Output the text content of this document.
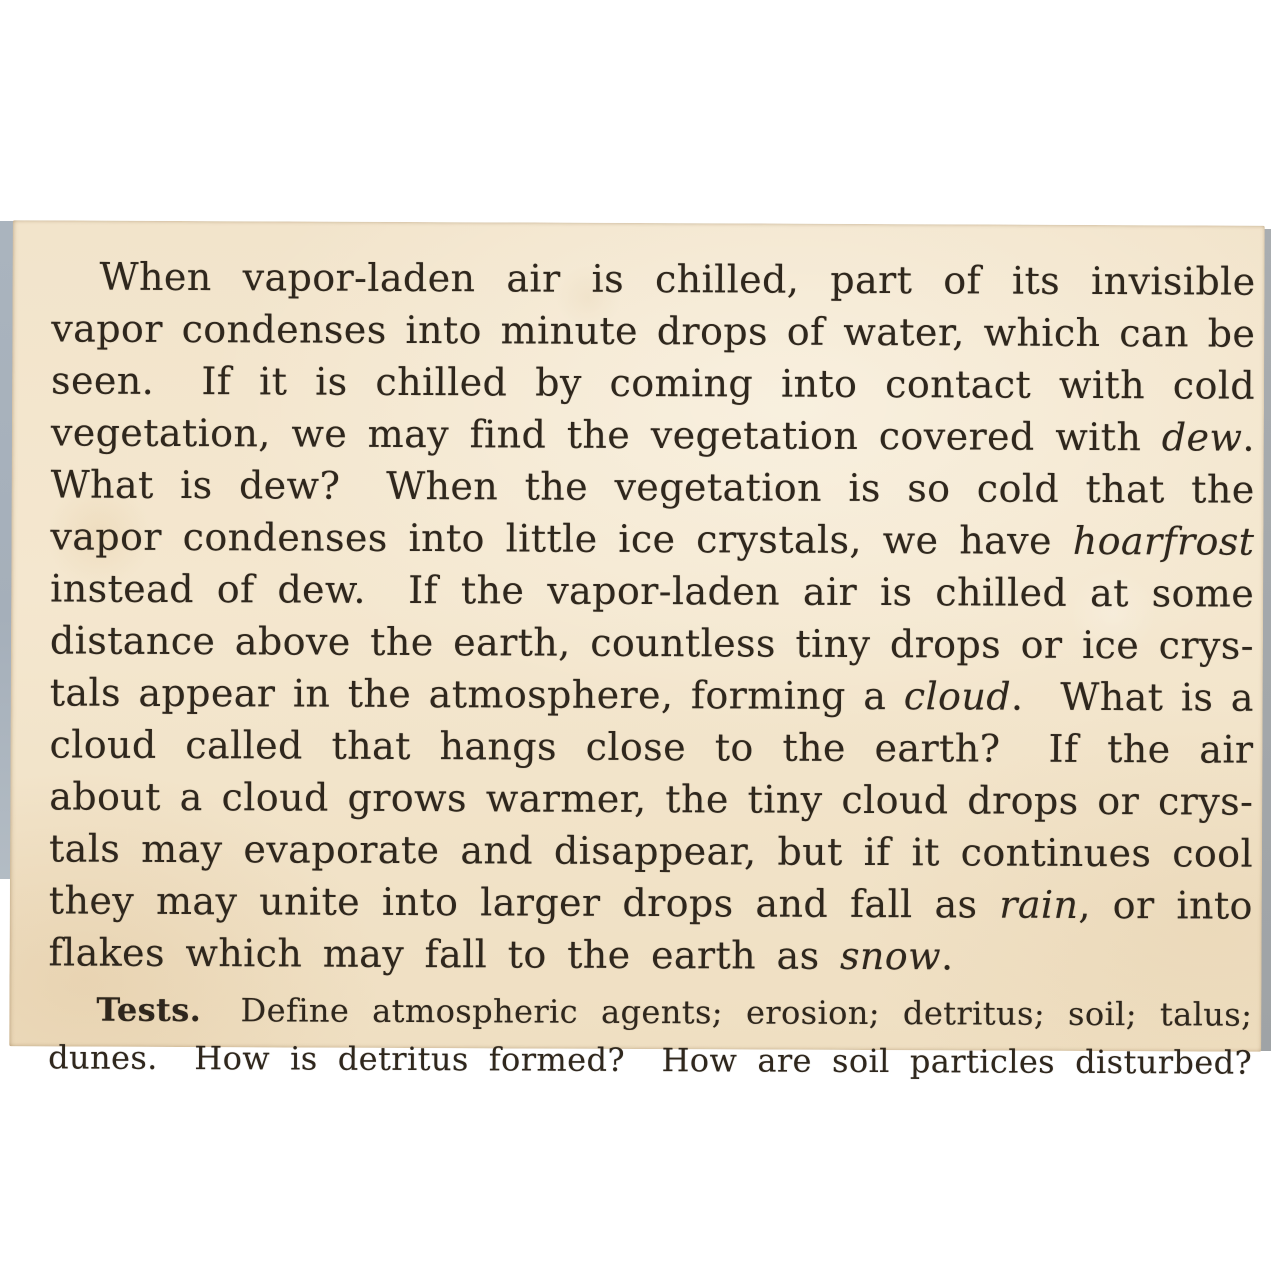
When vapor-laden air is chilled, part of its invisible
vapor condenses into minute drops of water, which can be
seen.  If it is chilled by coming into contact with cold
vegetation, we may find the vegetation covered with dew.
What is dew?  When the vegetation is so cold that the
vapor condenses into little ice crystals, we have hoarfrost
instead of dew.  If the vapor-laden air is chilled at some
distance above the earth, countless tiny drops or ice crys-
tals appear in the atmosphere, forming a cloud.  What is a
cloud called that hangs close to the earth?  If the air
about a cloud grows warmer, the tiny cloud drops or crys-
tals may evaporate and disappear, but if it continues cool
they may unite into larger drops and fall as rain, or into
flakes which may fall to the earth as snow.
Tests.  Define atmospheric agents; erosion; detritus; soil; talus;
dunes.  How is detritus formed?  How are soil particles disturbed?
